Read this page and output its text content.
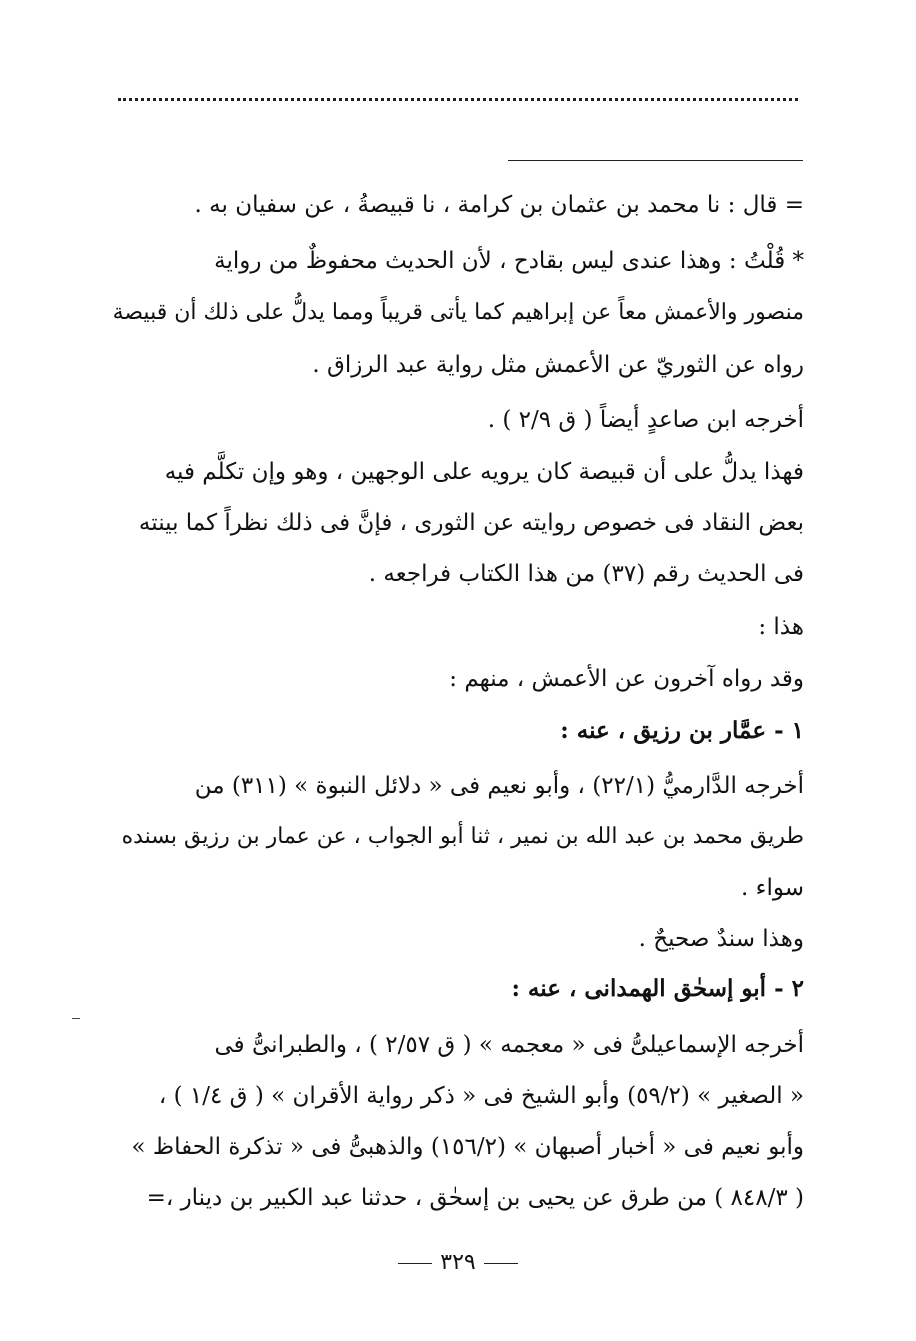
= قال : نا محمد بن عثمان بن كرامة ، نا قبيصةُ ، عن سفيان به .
* قُلْتُ : وهذا عندى ليس بقادح ، لأن الحديث محفوظٌ من رواية
منصور والأعمش معاً عن إبراهيم كما يأتى قريباً ومما يدلُّ على ذلك أن قبيصة
رواه عن الثوريّ عن الأعمش مثل رواية عبد الرزاق .
أخرجه ابن صاعدٍ أيضاً ( ق ٢/٩ ) .
فهذا يدلُّ على أن قبيصة كان يرويه على الوجهين ، وهو وإن تكلَّم فيه
بعض النقاد فى خصوص روايته عن الثورى ، فإنَّ فى ذلك نظراً كما بينته
فى الحديث رقم (٣٧) من هذا الكتاب فراجعه .
هذا :
وقد رواه آخرون عن الأعمش ، منهم :
١ - عمَّار بن رزيق ، عنه :
أخرجه الدَّارميُّ (٢٢/١) ، وأبو نعيم فى « دلائل النبوة » (٣١١) من
طريق محمد بن عبد الله بن نمير ، ثنا أبو الجواب ، عن عمار بن رزيق بسنده
سواء .
وهذا سندٌ صحيحٌ .
٢ - أبو إسحٰق الهمدانى ، عنه :
أخرجه الإسماعيلىُّ فى « معجمه » ( ق ٢/٥٧ ) ، والطبرانىُّ فى
« الصغير » (٥٩/٢) وأبو الشيخ فى « ذكر رواية الأقران » ( ق ١/٤ ) ،
وأبو نعيم فى « أخبار أصبهان » (١٥٦/٢) والذهبىُّ فى « تذكرة الحفاظ »
( ٨٤٨/٣ ) من طرق عن يحيى بن إسحٰق ، حدثنا عبد الكبير بن دينار ،=
٣٢٩
